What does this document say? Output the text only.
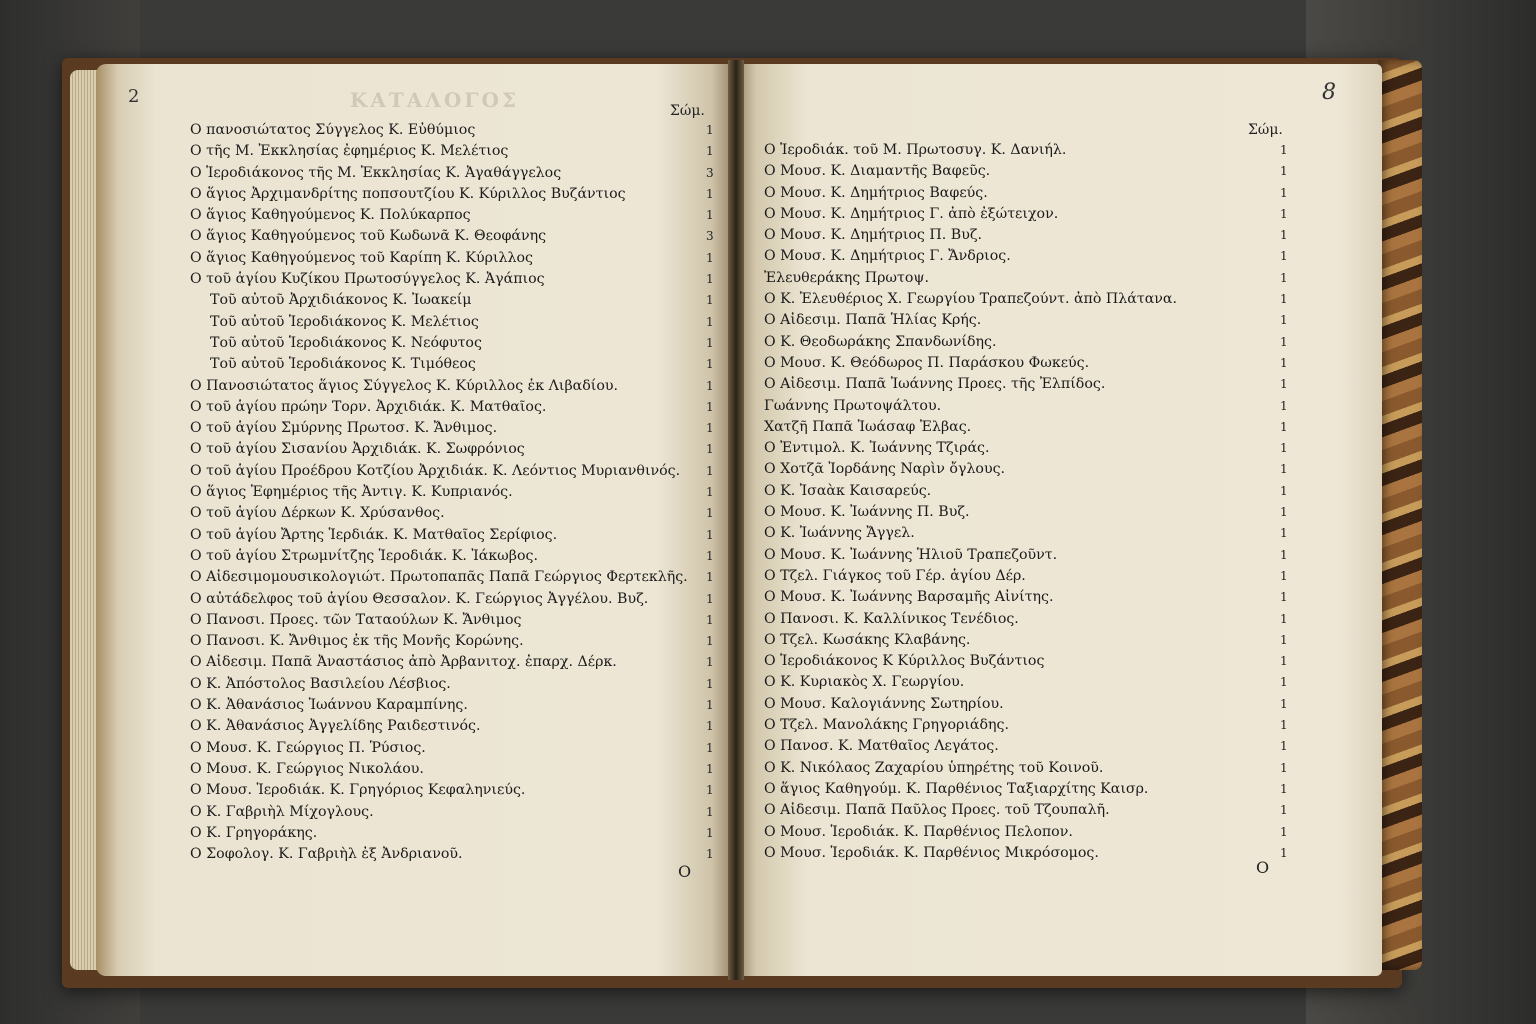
2	ΚΑΤΑΛΟΓΟΣ	Σώμ.
Ο πανοσιώτατος Σύγγελος Κ. Εὐθύμιος	1
Ο τῆς Μ. Ἐκκλησίας ἐφημέριος Κ. Μελέτιος	1
Ο Ἱεροδιάκονος τῆς Μ. Ἐκκλησίας Κ. Ἀγαθάγγελος	3
Ο ἅγιος Ἀρχιμανδρίτης ποπσουτζίου Κ. Κύριλλος Βυζάντιος	1
Ο ἅγιος Καθηγούμενος Κ. Πολύκαρπος	1
Ο ἅγιος Καθηγούμενος τοῦ Κωδωνᾶ Κ. Θεοφάνης	3
Ο ἅγιος Καθηγούμενος τοῦ Καρίπη Κ. Κύριλλος	1
Ο τοῦ ἁγίου Κυζίκου Πρωτοσύγγελος Κ. Ἀγάπιος	1
Τοῦ αὐτοῦ Ἀρχιδιάκονος Κ. Ἰωακείμ	1
Τοῦ αὐτοῦ Ἱεροδιάκονος Κ. Μελέτιος	1
Τοῦ αὐτοῦ Ἱεροδιάκονος Κ. Νεόφυτος	1
Τοῦ αὐτοῦ Ἱεροδιάκονος Κ. Τιμόθεος	1
Ο Πανοσιώτατος ἅγιος Σύγγελος Κ. Κύριλλος ἐκ Λιβαδίου.	1
Ο τοῦ ἁγίου πρώην Τορν. Ἀρχιδιάκ. Κ. Ματθαῖος.	1
Ο τοῦ ἁγίου Σμύρνης Πρωτοσ. Κ. Ἄνθιμος.	1
Ο τοῦ ἁγίου Σισανίου Ἀρχιδιάκ. Κ. Σωφρόνιος	1
Ο τοῦ ἁγίου Προέδρου Κοτζίου Ἀρχιδιάκ. Κ. Λεόντιος Μυριανθινός. 1
Ο ἅγιος Ἐφημέριος τῆς Ἀντιγ. Κ. Κυπριανός.	1
Ο τοῦ ἁγίου Δέρκων Κ. Χρύσανθος.	1
Ο τοῦ ἁγίου Ἄρτης Ἱερδιάκ. Κ. Ματθαῖος Σερίφιος.	1
Ο τοῦ ἁγίου Στρωμνίτζης Ἱεροδιάκ. Κ. Ἰάκωβος.	1
Ο Αἰδεσιμομουσικολογιώτ. Πρωτοπαπᾶς Παπᾶ Γεώργιος Φερτεκλῆς. 1
Ο αὐτάδελφος τοῦ ἁγίου Θεσσαλον. Κ. Γεώργιος Ἀγγέλου. Βυζ.	1
Ο Πανοσι. Προες. τῶν Ταταούλων Κ. Ἄνθιμος	1
Ο Πανοσι. Κ. Ἄνθιμος ἐκ τῆς Μονῆς Κορώνης.	1
Ο Αἰδεσιμ. Παπᾶ Ἀναστάσιος ἀπὸ Ἀρβανιτοχ. ἐπαρχ. Δέρκ.	1
Ο Κ. Ἀπόστολος Βασιλείου Λέσβιος.	1
Ο Κ. Ἀθανάσιος Ἰωάννου Καραμπίνης.	1
Ο Κ. Ἀθανάσιος Ἀγγελίδης Ραιδεστινός.	1
Ο Μουσ. Κ. Γεώργιος Π. Ῥύσιος.	1
Ο Μουσ. Κ. Γεώργιος Νικολάου.	1
Ο Μουσ. Ἱεροδιάκ. Κ. Γρηγόριος Κεφαληνιεύς.	1
Ο Κ. Γαβριὴλ Μίχογλους.	1
Ο Κ. Γρηγοράκης.	1
Ο Σοφολογ. Κ. Γαβριὴλ ἐξ Ἀνδριανοῦ.	1
Ο
8
Σώμ.
Ο Ἱεροδιάκ. τοῦ Μ. Πρωτοσυγ. Κ. Δανιήλ.	1
Ο Μουσ. Κ. Διαμαντῆς Βαφεῦς.	1
Ο Μουσ. Κ. Δημήτριος Βαφεύς.	1
Ο Μουσ. Κ. Δημήτριος Γ. ἀπὸ ἐξώτειχον.	1
Ο Μουσ. Κ. Δημήτριος Π. Βυζ.	1
Ο Μουσ. Κ. Δημήτριος Γ. Ἄνδριος.	1
Ἐλευθεράκης Πρωτοψ.	1
Ο Κ. Ἐλευθέριος Χ. Γεωργίου Τραπεζούντ. ἀπὸ Πλάτανα.	1
Ο Αἰδεσιμ. Παπᾶ Ἡλίας Κρής.	1
Ο Κ. Θεοδωράκης Σπανδωνίδης.	1
Ο Μουσ. Κ. Θεόδωρος Π. Παράσκου Φωκεύς.	1
Ο Αἰδεσιμ. Παπᾶ Ἰωάννης Προες. τῆς Ἐλπίδος.	1
Γωάννης Πρωτοψάλτου.	1
Χατζῆ Παπᾶ Ἰωάσαφ Ἐλβας.	1
Ο Ἐντιμολ. Κ. Ἰωάννης Τζιράς.	1
Ο Χοτζᾶ Ἰορδάνης Ναρὶν ὄγλους.	1
Ο Κ. Ἰσαὰκ Καισαρεύς.	1
Ο Μουσ. Κ. Ἰωάννης Π. Βυζ.	1
Ο Κ. Ἰωάννης Ἄγγελ.	1
Ο Μουσ. Κ. Ἰωάννης Ἡλιοῦ Τραπεζοῦντ.	1
Ο Τζελ. Γιάγκος τοῦ Γέρ. ἁγίου Δέρ.	1
Ο Μουσ. Κ. Ἰωάννης Βαρσαμῆς Αἰνίτης.	1
Ο Πανοσι. Κ. Καλλίνικος Τενέδιος.	1
Ο Τζελ. Κωσάκης Κλαβάνης.	1
Ο Ἱεροδιάκονος Κ Κύριλλος Βυζάντιος	1
Ο Κ. Κυριακὸς Χ. Γεωργίου.	1
Ο Μουσ. Καλογιάννης Σωτηρίου.	1
Ο Τζελ. Μανολάκης Γρηγοριάδης.	1
Ο Πανοσ. Κ. Ματθαῖος Λεγάτος.	1
Ο Κ. Νικόλαος Ζαχαρίου ὑπηρέτης τοῦ Κοινοῦ.	1
Ο ἅγιος Καθηγούμ. Κ. Παρθένιος Ταξιαρχίτης Καισρ.	1
Ο Αἰδεσιμ. Παπᾶ Παῦλος Προες. τοῦ Τζουπαλῆ.	1
Ο Μουσ. Ἱεροδιάκ. Κ. Παρθένιος Πελοπον.	1
Ο Μουσ. Ἱεροδιάκ. Κ. Παρθένιος Μικρόσομος.	1
Ο
